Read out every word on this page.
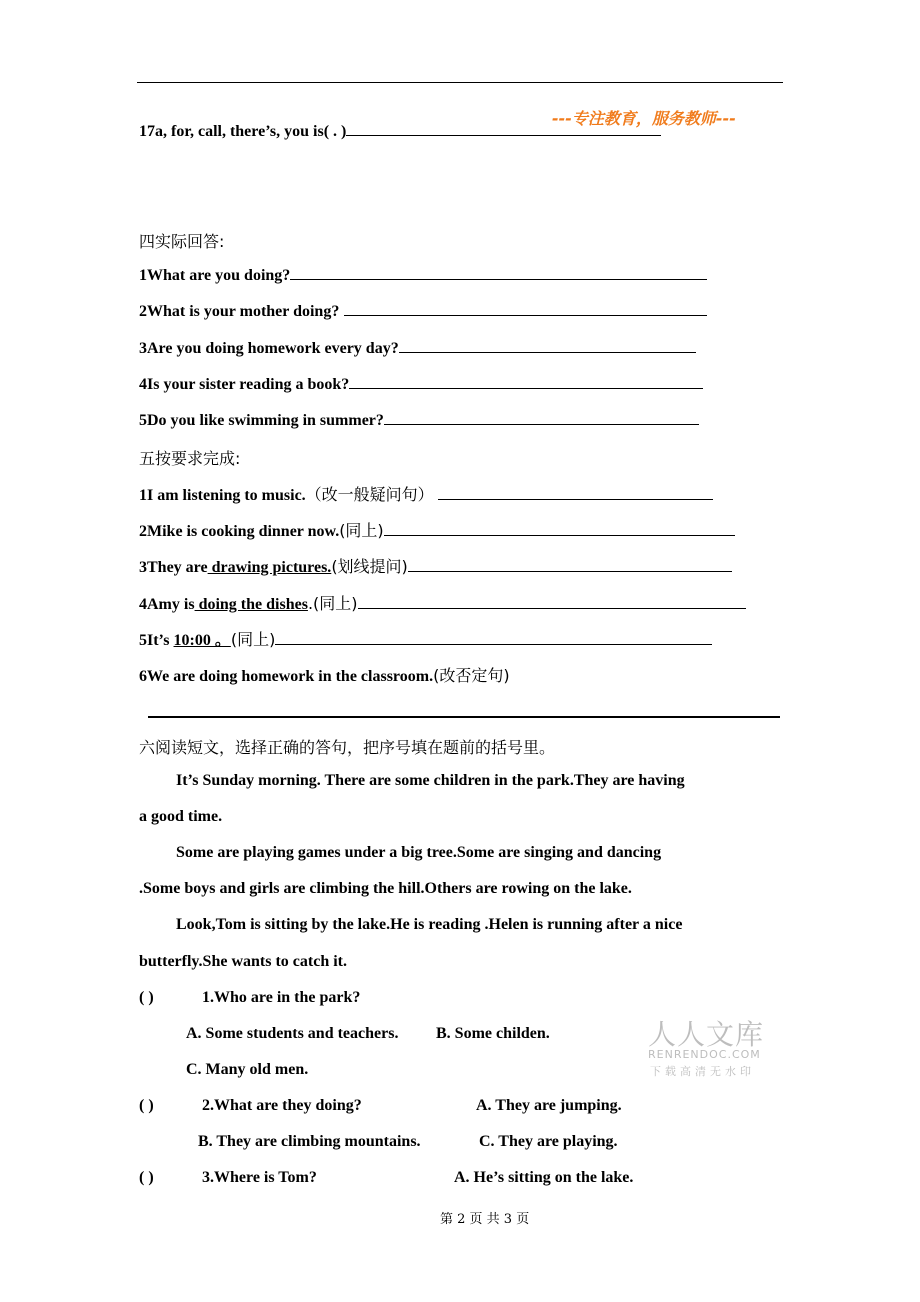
---专注教育，服务教师---
17a, for, call, there’s, you is( . )
四实际回答:
1What are you doing?
2What is your mother doing?
3Are you doing homework every day?
4Is your sister reading a book?
5Do you like swimming in summer?
五按要求完成:
1I am listening to music.（改一般疑问句）
2Mike is cooking dinner now.(同上)
3They are drawing pictures.(划线提问)
4Amy is doing the dishes.(同上)
5It’s 10:00 。(同上)
6We are doing homework in the classroom.(改否定句)
六阅读短文，选择正确的答句，把序号填在题前的括号里。
It’s Sunday morning. There are some children in the park.They are having
a good time.
Some are playing games under a big tree.Some are singing and dancing
.Some boys and girls are climbing the hill.Others are rowing on the lake.
Look,Tom is sitting by the lake.He is reading .Helen is running after a nice
butterfly.She wants to catch it.
( )	1.Who are in the park?
A. Some students and teachers. B. Some childen.
C. Many old men.
( )	2.What are they doing?	A. They are jumping.
B. They are climbing mountains.	C. They are playing.
( )	3.Where is Tom?	A. He’s sitting on the lake.
人人文库
RENRENDOC.COM
下载高清无水印
第 2 页 共 3 页
